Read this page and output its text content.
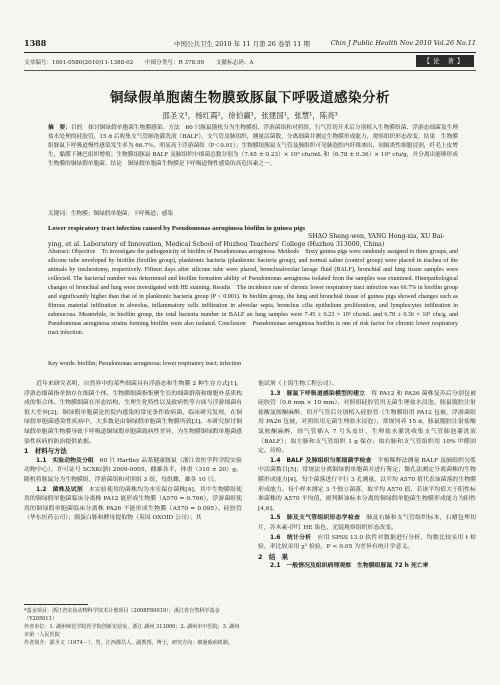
1388	中国公共卫生 2010 年 11 月第 26 卷第 11 期	Chin J Public Health Nov 2010 Vol.26 No.11
文章编号：1001-0580(2010)11-1388-02 中图分类号：R 378.99 文献标志码：A	【论 著】
铜绿假单胞菌生物膜致豚鼠下呼吸道感染分析
邵圣文¹，杨红霞²，徐伯赢¹，张建国¹，张慧¹，陈亮³
摘　要：目的　探讨铜绿假单胞菌生物膜感染。方法　60 只豚鼠随机分为生物膜组、浮游菌组和对照组，行气管切开术后分别植入生物膜组菌、浮游态细菌及生理盐水处理的硅胶管，15 d 后收集支气管肺泡灌洗液（BALF），支气管及肺组织，测量活菌数，分离细菌并测定生物膜形成能力，观察组织形态改变。结果　生物膜组豚鼠下呼吸道慢性感染发生率为 66.7％，明显高于浮游菌组（P＜0.01）；生物膜组豚鼠支气管及肺组织可见肺泡腔内纤维渗出，间隔炎性细胞浸润，纤毛上皮增生，黏膜下淋巴组织增殖；生物膜组豚鼠 BALF 及肺组织中细菌总数分别为（7.45 ± 0.23）× 10³ cfu/mL 和（6.78 ± 0.36）× 10³ cfu/g，并分离出能够形成生物膜的铜绿假单胞菌。结论　铜绿假单胞菌生物膜是下呼吸道慢性感染的高危因素之一。
关键词：生物膜；铜绿假单胞菌；下呼吸道；感染
Lower respiratory tract infection caused by Pseudomonas aeruginosa biofilm in guinea pigs
SHAO Sheng-wen, YANG Hong-xia, XU Bai-ying, et al. Laboratory of Innovation, Medical School of Huzhou Teachers' College (Huzhou 313000, China)
Abstract: Objective　To investigate the pathogenicity of biofilm of Pseudomonas aeruginosa. Methods　Sixty guinea pigs were randomly assigned to three groups, and silicone tube enveloped by biofilm (biofilm group), planktonic bacteria (planktonic bacteria group), and normal saline (control group) were placed in trachea of the animals by tracheotomy, respectively. Fifteen days after silicone tube were placed, bronchoalveolar lavage fluid (BALF), bronchial and lung tissue samples were collected. The bacterial number was determined and biofilm formation ability of Pseudomonas aeruginosa isolated from the samples was examined. Histopathological changes of bronchial and lung were investigated with HE staining. Results　The incidence rate of chronic lower respiratory tract infection was 66.7% in biofilm group and significantly higher than that of in planktonic bacteria group (P < 0.001). In biofilm group, the lung and bronchial tissue of guinea pigs showed changes such as fibrous material infiltration in alveolus, inflammatory cells infiltration in alveolar septa, bronchus cilia epithelium proliferation, and lymphocytes infiltration in submucosa. Meanwhile, in biofilm group, the total bacteria number in BALF an lung samples were 7.45 ± 0.23 × 10³ cfu/mL and 6.78 ± 0.36 × 10³ cfu/g, and Pseudomonas aeruginosa strains forming biofilm were also isolated. Conclusion　Pseudomonas aeruginosa biofilm is one of risk factor for chronic lower respiratory tract infection.
Key words: biofilm; Pseudomonas aeruginosa; lower respiratory tract; infection

近年来研究表明，自然界中的某些细菌具有浮游态和生物膜 2 种生存方式[1]。浮游态细菌指单独存在细菌个体，生物膜细菌指集聚生长的细菌群落和细胞外基质构成的集合体。生物膜细菌在形态结构、生理生化特性以及致病性等方面与浮游细菌有很大差异[2]。铜绿假单胞菌是医院内感染的常见条件致病菌，临床研究发现，在铜绿假单胞菌感染性疾病中，大多数是由铜绿假单胞菌生物膜所致[3]。本研究探讨铜绿假单胞菌生物膜导致下呼吸道铜绿假单胞菌致病性差异，为生物膜铜绿假单胞菌感染性疾病的防治提供依据。

1　材料与方法

1.1　实验动物及分组　 60 只 Hartley 品系健康豚鼠（浙江省医学科学院实验动物中心），许可证号 SCXK(浙) 2009-0005，雌雄各半，体重（310 ± 20）g。随机将豚鼠分为生物膜组、浮游菌组和对照组 3 组，每组雌、雄各 10 只。

1.2　菌株及试剂　 本实验使用的菌株均为本室保存菌株[4]，其中生物膜组使用的铜绿假单胞菌临床分离株 PA12 能形成生物膜（A570 = 0.706），浮游菌组使用的铜绿假单胞菌临床分离株 PA26 不能形成生物膜（A570 = 0.095）。硅胶管（华东医药公司）；胰蛋白胨和酵母提取物（英国 OXOID 公司）；其

*基金项目：浙江省实验动物科学技术计划项目（2008F80019）；浙江省自然科学基金（Y205011）

作者单位：1. 湖州师范学院医学院创新实验室，浙江 湖州 313000；2. 湖州市中医院；3. 湖州市第一人民医院

作者简介：邵圣文（1974－），男，江西都昌人，副教授，博士，研究方向：细菌致病机制。

他试剂（上海生物工程公司）。

1.3　豚鼠下呼吸道感染模型的建立　 将 PA12 和 PA26 菌株复苏后分别包被硅胶管（0.6 mm × 10 mm），对照组硅胶管用无菌生理盐水浸泡。豚鼠腹腔注射盐酸氯胺酮麻醉，切开气管后分别植入硅胶管（生物膜组用 PA12 包被，浮游菌组用 PA26 包被，对照组用无菌生理盐水浸泡），常规饲养 15 d，豚鼠腹腔注射盐酸氯胺酮麻醉，经气管插入 7 号头皮针，生理盐水灌洗收集支气管肺泡灌洗液（BALF）；取左肺和支气管组织 1 g 保存；取右肺和支气管组织用 10% 甲醛固定，待检。

1.4　BALF 及肺组织匀浆细菌学检查　 平板稀释法测量 BALF 及肺组织匀浆中活菌数目[5]；常规法分离铜绿假单胞菌并进行鉴定；微孔法测定分离菌株的生物膜形成能力[4]，每个菌落进行平行 3 孔测量，以平均 A570 值代表该菌落的生物膜形成能力。每个样本测定 3 个独立菌落，取平均 A570 值，若该平均值大于阳性标准菌株的 A570 平均值，则判断该标本分离的铜绿假单胞菌生物膜形成能力为阳性[4,6]。

1.5　肺及支气管组织形态学检查　 肺及右肺和支气管组织标本，石蜡包埋切片，苏木素-伊红 HE 染色，光镜观察组织形态改变。

1.6　统计分析　 应用 SPSS 13.0 软件对数据进行分析，均数比较采用 t 检验，率比较采用 χ² 检验，P < 0.05 为差异有统计学意义。

2　结　果

2.1　一般情况及组织病理观察　生物膜组豚鼠 72 h 死亡率
